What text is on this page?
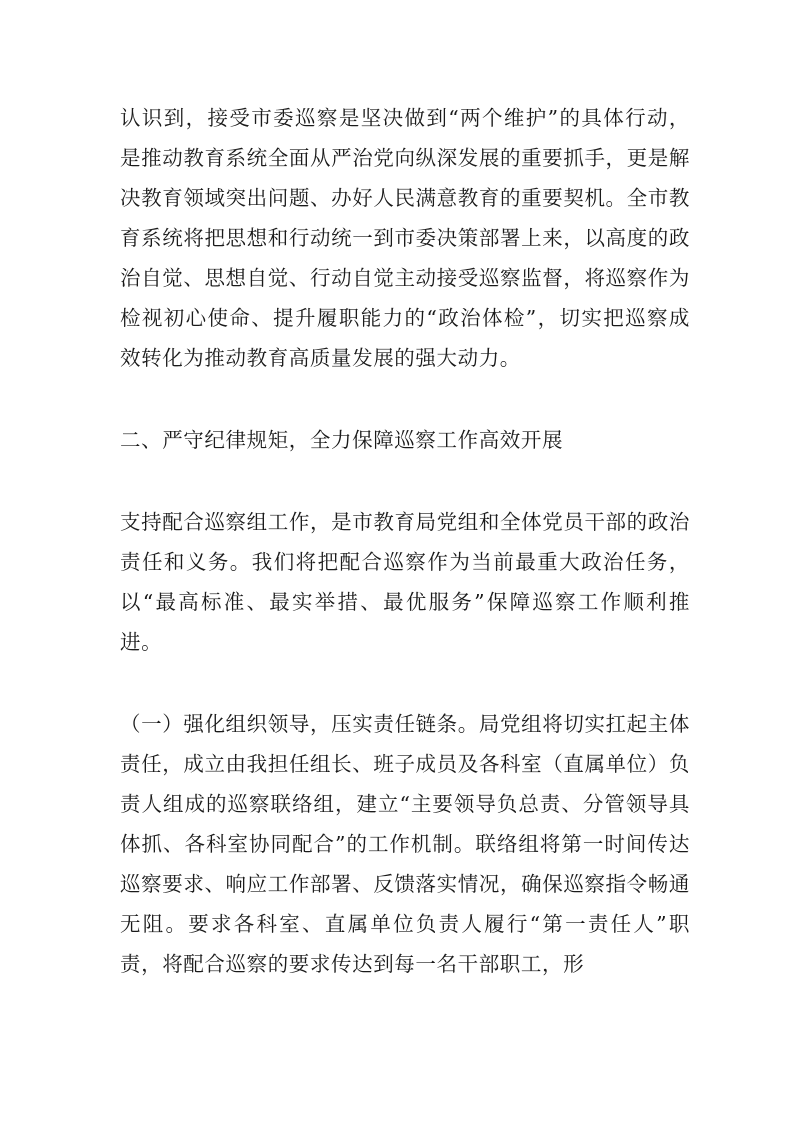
认识到，接受市委巡察是坚决做到“两个维护”的具体行动，是推动教育系统全面从严治党向纵深发展的重要抓手，更是解决教育领域突出问题、办好人民满意教育的重要契机。全市教育系统将把思想和行动统一到市委决策部署上来，以高度的政治自觉、思想自觉、行动自觉主动接受巡察监督，将巡察作为检视初心使命、提升履职能力的“政治体检”，切实把巡察成效转化为推动教育高质量发展的强大动力。

二、严守纪律规矩，全力保障巡察工作高效开展

支持配合巡察组工作，是市教育局党组和全体党员干部的政治责任和义务。我们将把配合巡察作为当前最重大政治任务，以“最高标准、最实举措、最优服务”保障巡察工作顺利推进。

（一）强化组织领导，压实责任链条。局党组将切实扛起主体责任，成立由我担任组长、班子成员及各科室（直属单位）负责人组成的巡察联络组，建立“主要领导负总责、分管领导具体抓、各科室协同配合”的工作机制。联络组将第一时间传达巡察要求、响应工作部署、反馈落实情况，确保巡察指令畅通无阻。要求各科室、直属单位负责人履行“第一责任人”职责，将配合巡察的要求传达到每一名干部职工，形
